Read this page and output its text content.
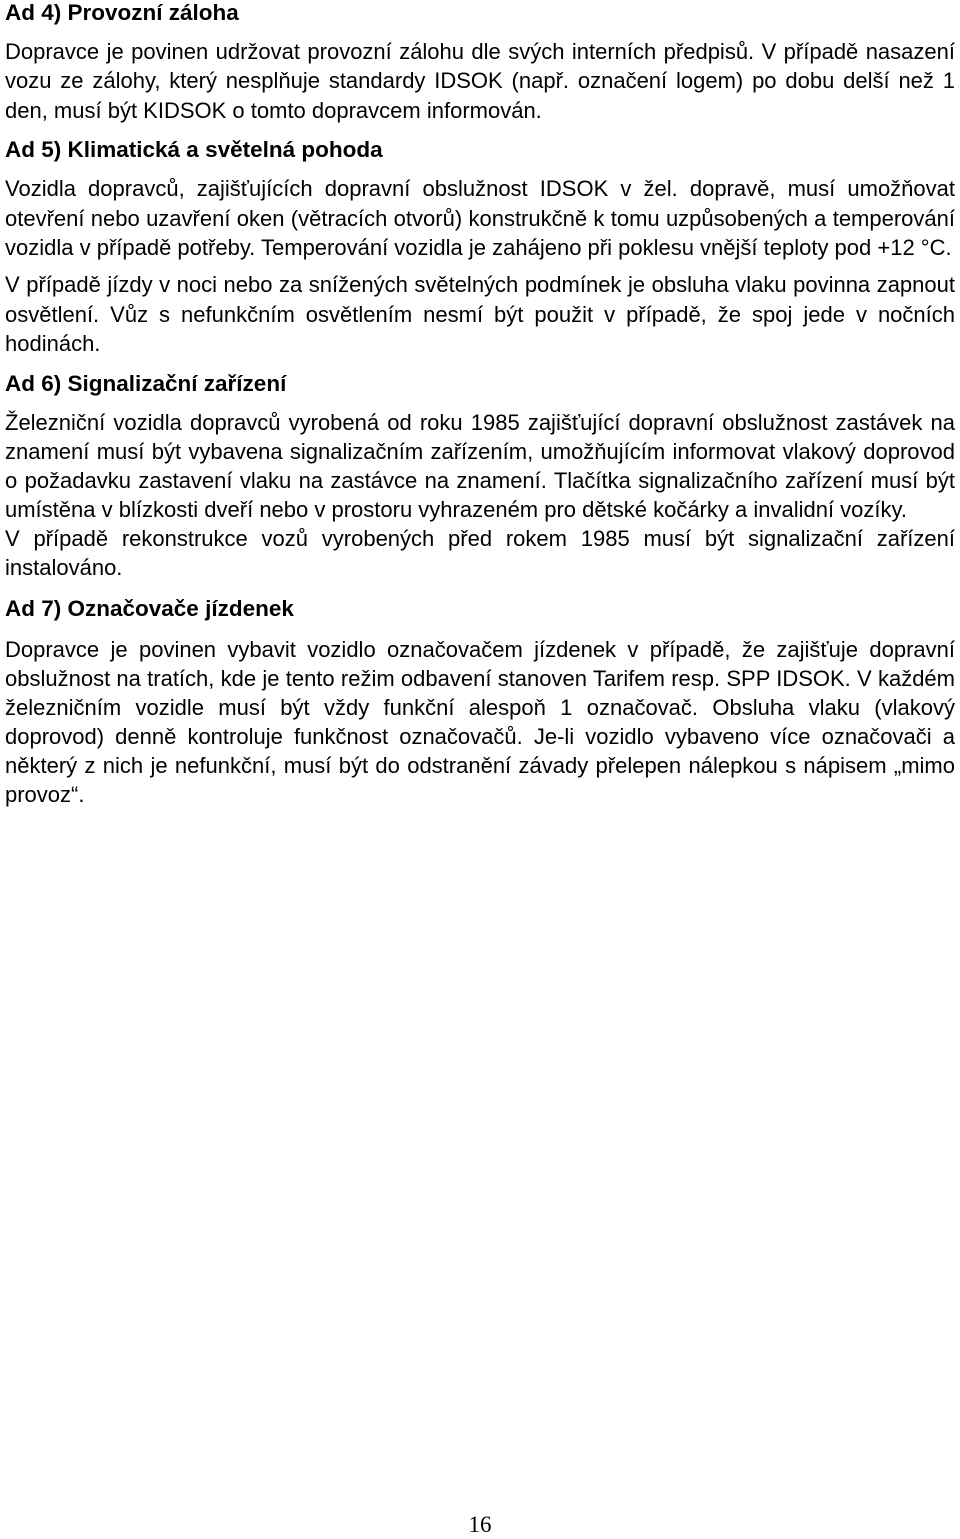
Ad 4) Provozní záloha

Dopravce je povinen udržovat provozní zálohu dle svých interních předpisů. V případě nasazení vozu ze zálohy, který nesplňuje standardy IDSOK (např. označení logem) po dobu delší než 1 den, musí být KIDSOK o tomto dopravcem informován.

Ad 5) Klimatická a světelná pohoda

Vozidla dopravců, zajišťujících dopravní obslužnost IDSOK v žel. dopravě, musí umožňovat otevření nebo uzavření oken (větracích otvorů) konstrukčně k tomu uzpůsobených a temperování vozidla v případě potřeby. Temperování vozidla je zahájeno při poklesu vnější teploty pod +12 °C.

V případě jízdy v noci nebo za snížených světelných podmínek je obsluha vlaku povinna zapnout osvětlení. Vůz s nefunkčním osvětlením nesmí být použit v případě, že spoj jede v nočních hodinách.

Ad 6) Signalizační zařízení

Železniční vozidla dopravců vyrobená od roku 1985 zajišťující dopravní obslužnost zastávek na znamení musí být vybavena signalizačním zařízením, umožňujícím informovat vlakový doprovod o požadavku zastavení vlaku na zastávce na znamení. Tlačítka signalizačního zařízení musí být umístěna v blízkosti dveří nebo v prostoru vyhrazeném pro dětské kočárky a invalidní vozíky.

V případě rekonstrukce vozů vyrobených před rokem 1985 musí být signalizační zařízení instalováno.

Ad 7) Označovače jízdenek

Dopravce je povinen vybavit vozidlo označovačem jízdenek v případě, že zajišťuje dopravní obslužnost na tratích, kde je tento režim odbavení stanoven Tarifem resp. SPP IDSOK. V každém železničním vozidle musí být vždy funkční alespoň 1 označovač. Obsluha vlaku (vlakový doprovod) denně kontroluje funkčnost označovačů. Je-li vozidlo vybaveno více označovači a některý z nich je nefunkční, musí být do odstranění závady přelepen nálepkou s nápisem „mimo provoz“.

16
